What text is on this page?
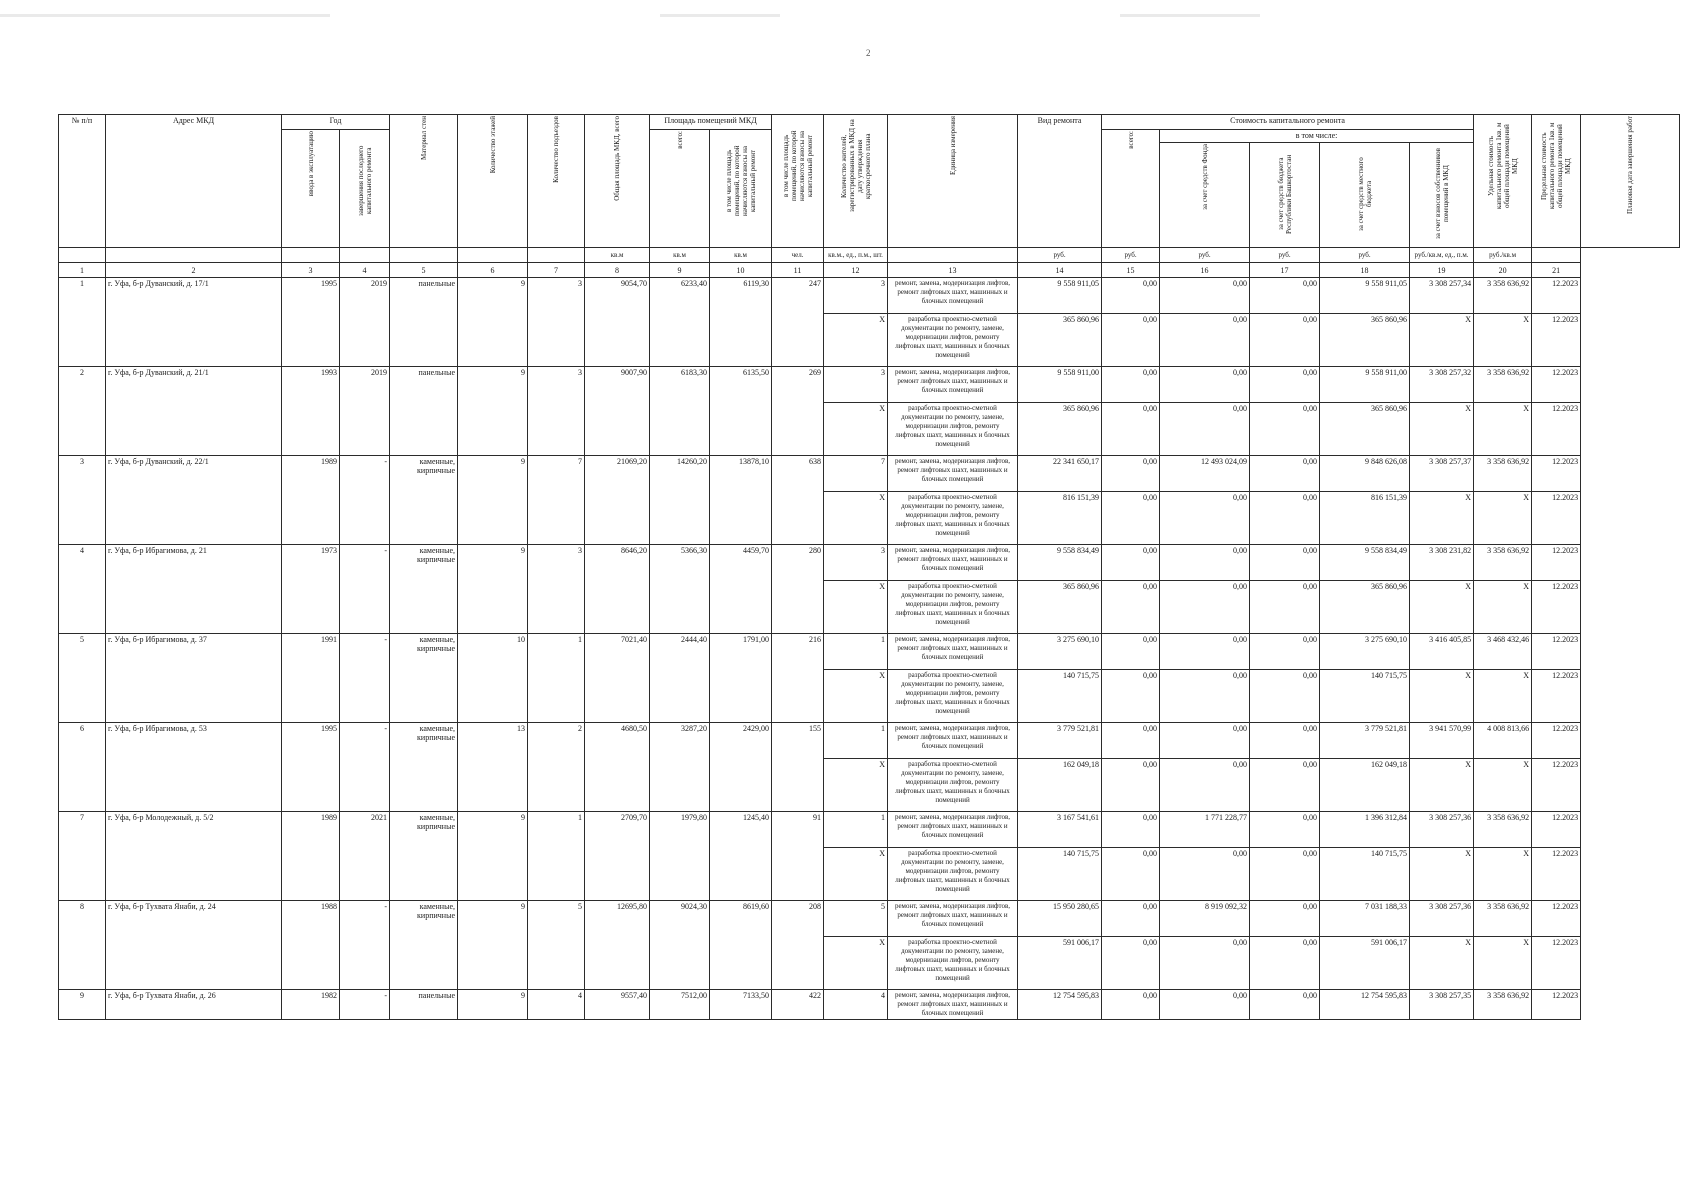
2
№ п/п	Адрес МКД	Год		Материал стен	Количество этажей	Количество подъездов	Общая площадь МКД, всего	Площадь помещений МКД		в том числе площадь помещений, по которой начисляются взносы на капитальный ремонт	Количество жителей, зарегистрированных в МКД на дату утверждения краткосрочного плана	Единица измерения	Вид ремонта	Стоимость капитального ремонта					Удельная стоимость капитального ремонта 1кв. м общей площади помещений МКД	Предельная стоимость капитального ремонта 1кв. м общей площади помещений МКД	Плановая дата завершения работ
		ввода в эксплуатацию	завершения последнего капитального ремонта					всего:	в том числе площадь помещений, по которой начисляются взносы на капитальный ремонт					всего:	в том числе:						
															за счет средств Фонда	за счет средств бюджета Республики Башкортостан	за счет средств местного бюджета	за счет взносов собственников помещений в МКД			
							кв.м	кв.м	кв.м	чел.	кв.м., ед., п.м., шт.		руб.	руб.	руб.	руб.	руб.	руб./кв.м, ед., п.м.	руб./кв.м		
1	2	3	4	5	6	7	8	9	10	11	12	13	14	15	16	17	18	19	20	21	
1	г. Уфа, б-р Дуванский, д. 17/1	1995	2019	панельные	9	3	9054,70	6233,40	6119,30	247	3	ремонт, замена, модернизация лифтов, ремонт лифтовых шахт, машинных и блочных помещений	9 558 911,05	0,00	0,00	0,00	9 558 911,05	3 308 257,34	3 358 636,92	12.2023	
											X	разработка проектно-сметной документации по ремонту, замене, модернизации лифтов, ремонту лифтовых шахт, машинных и блочных помещений	365 860,96	0,00	0,00	0,00	365 860,96	X	X	12.2023	
2	г. Уфа, б-р Дуванский, д. 21/1	1993	2019	панельные	9	3	9007,90	6183,30	6135,50	269	3	ремонт, замена, модернизация лифтов, ремонт лифтовых шахт, машинных и блочных помещений	9 558 911,00	0,00	0,00	0,00	9 558 911,00	3 308 257,32	3 358 636,92	12.2023	
											X	разработка проектно-сметной документации по ремонту, замене, модернизации лифтов, ремонту лифтовых шахт, машинных и блочных помещений	365 860,96	0,00	0,00	0,00	365 860,96	X	X	12.2023	
3	г. Уфа, б-р Дуванский, д. 22/1	1989	-	каменные, кирпичные	9	7	21069,20	14260,20	13878,10	638	7	ремонт, замена, модернизация лифтов, ремонт лифтовых шахт, машинных и блочных помещений	22 341 650,17	0,00	12 493 024,09	0,00	9 848 626,08	3 308 257,37	3 358 636,92	12.2023	
											X	разработка проектно-сметной документации по ремонту, замене, модернизации лифтов, ремонту лифтовых шахт, машинных и блочных помещений	816 151,39	0,00	0,00	0,00	816 151,39	X	X	12.2023	
4	г. Уфа, б-р Ибрагимова, д. 21	1973	-	каменные, кирпичные	9	3	8646,20	5366,30	4459,70	280	3	ремонт, замена, модернизация лифтов, ремонт лифтовых шахт, машинных и блочных помещений	9 558 834,49	0,00	0,00	0,00	9 558 834,49	3 308 231,82	3 358 636,92	12.2023	
											X	разработка проектно-сметной документации по ремонту, замене, модернизации лифтов, ремонту лифтовых шахт, машинных и блочных помещений	365 860,96	0,00	0,00	0,00	365 860,96	X	X	12.2023	
5	г. Уфа, б-р Ибрагимова, д. 37	1991	-	каменные, кирпичные	10	1	7021,40	2444,40	1791,00	216	1	ремонт, замена, модернизация лифтов, ремонт лифтовых шахт, машинных и блочных помещений	3 275 690,10	0,00	0,00	0,00	3 275 690,10	3 416 405,85	3 468 432,46	12.2023	
											X	разработка проектно-сметной документации по ремонту, замене, модернизации лифтов, ремонту лифтовых шахт, машинных и блочных помещений	140 715,75	0,00	0,00	0,00	140 715,75	X	X	12.2023	
6	г. Уфа, б-р Ибрагимова, д. 53	1995	-	каменные, кирпичные	13	2	4680,50	3287,20	2429,00	155	1	ремонт, замена, модернизация лифтов, ремонт лифтовых шахт, машинных и блочных помещений	3 779 521,81	0,00	0,00	0,00	3 779 521,81	3 941 570,99	4 008 813,66	12.2023	
											X	разработка проектно-сметной документации по ремонту, замене, модернизации лифтов, ремонту лифтовых шахт, машинных и блочных помещений	162 049,18	0,00	0,00	0,00	162 049,18	X	X	12.2023	
7	г. Уфа, б-р Молодежный, д. 5/2	1989	2021	каменные, кирпичные	9	1	2709,70	1979,80	1245,40	91	1	ремонт, замена, модернизация лифтов, ремонт лифтовых шахт, машинных и блочных помещений	3 167 541,61	0,00	1 771 228,77	0,00	1 396 312,84	3 308 257,36	3 358 636,92	12.2023	
											X	разработка проектно-сметной документации по ремонту, замене, модернизации лифтов, ремонту лифтовых шахт, машинных и блочных помещений	140 715,75	0,00	0,00	0,00	140 715,75	X	X	12.2023	
8	г. Уфа, б-р Тухвата Янаби, д. 24	1988	-	каменные, кирпичные	9	5	12695,80	9024,30	8619,60	208	5	ремонт, замена, модернизация лифтов, ремонт лифтовых шахт, машинных и блочных помещений	15 950 280,65	0,00	8 919 092,32	0,00	7 031 188,33	3 308 257,36	3 358 636,92	12.2023	
											X	разработка проектно-сметной документации по ремонту, замене, модернизации лифтов, ремонту лифтовых шахт, машинных и блочных помещений	591 006,17	0,00	0,00	0,00	591 006,17	X	X	12.2023	
9	г. Уфа, б-р Тухвата Янаби, д. 26	1982	-	панельные	9	4	9557,40	7512,00	7133,50	422	4	ремонт, замена, модернизация лифтов, ремонт лифтовых шахт, машинных и блочных помещений	12 754 595,83	0,00	0,00	0,00	12 754 595,83	3 308 257,35	3 358 636,92	12.2023	
